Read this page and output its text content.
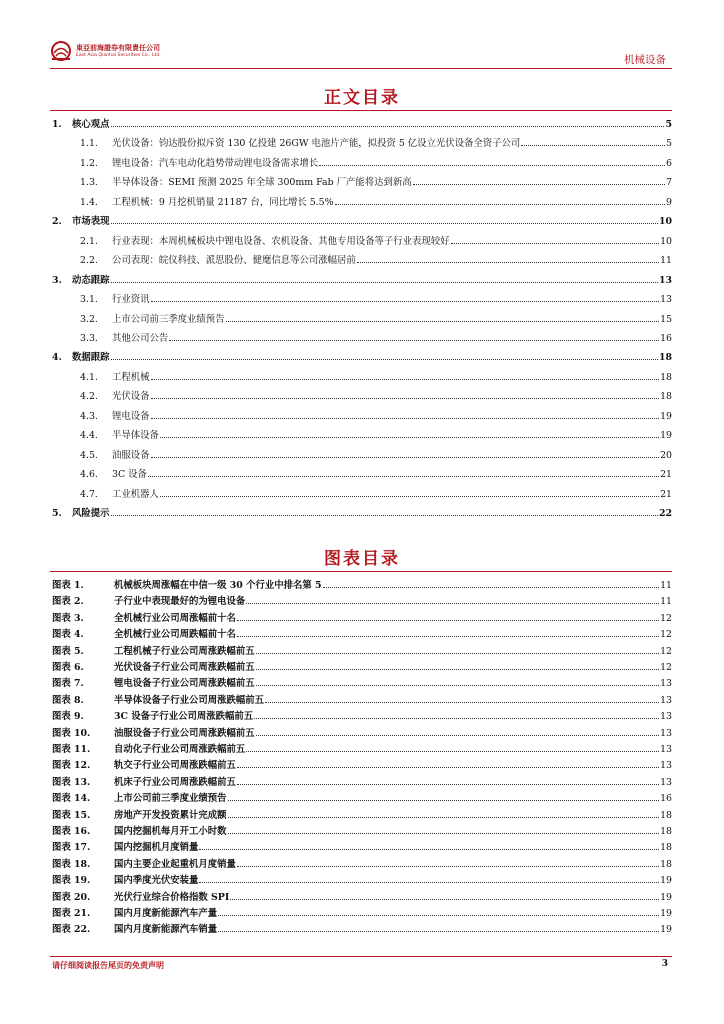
東亞前海證券有限責任公司
East Asia Qianhai Securities Co., Ltd.	机械设备
正文目录
1. 核心观点	5
1.1. 光伏设备：钧达股份拟斥资 130 亿投建 26GW 电池片产能，拟投资 5 亿设立光伏设备全资子公司	5
1.2. 锂电设备：汽车电动化趋势带动锂电设备需求增长	6
1.3. 半导体设备：SEMI 预测 2025 年全球 300mm Fab 厂产能将达到新高	7
1.4. 工程机械：9 月挖机销量 21187 台，同比增长 5.5%	9
2. 市场表现	10
2.1. 行业表现：本周机械板块中锂电设备、农机设备、其他专用设备等子行业表现较好	10
2.2. 公司表现：皖仪科技、派思股份、健麾信息等公司涨幅居前	11
3. 动态跟踪	13
3.1. 行业资讯	13
3.2. 上市公司前三季度业绩预告	15
3.3. 其他公司公告	16
4. 数据跟踪	18
4.1. 工程机械	18
4.2. 光伏设备	18
4.3. 锂电设备	19
4.4. 半导体设备	19
4.5. 油服设备	20
4.6. 3C 设备	21
4.7. 工业机器人	21
5. 风险提示	22
图表目录
图表 1.	机械板块周涨幅在中信一级 30 个行业中排名第 5	11
图表 2.	子行业中表现最好的为锂电设备	11
图表 3.	全机械行业公司周涨幅前十名	12
图表 4.	全机械行业公司周跌幅前十名	12
图表 5.	工程机械子行业公司周涨跌幅前五	12
图表 6.	光伏设备子行业公司周涨跌幅前五	12
图表 7.	锂电设备子行业公司周涨跌幅前五	13
图表 8.	半导体设备子行业公司周涨跌幅前五	13
图表 9.	3C 设备子行业公司周涨跌幅前五	13
图表 10.	油服设备子行业公司周涨跌幅前五	13
图表 11.	自动化子行业公司周涨跌幅前五	13
图表 12.	轨交子行业公司周涨跌幅前五	13
图表 13.	机床子行业公司周涨跌幅前五	13
图表 14.	上市公司前三季度业绩预告	16
图表 15.	房地产开发投资累计完成额	18
图表 16.	国内挖掘机每月开工小时数	18
图表 17.	国内挖掘机月度销量	18
图表 18.	国内主要企业起重机月度销量	18
图表 19.	国内季度光伏安装量	19
图表 20.	光伏行业综合价格指数 SPI	19
图表 21.	国内月度新能源汽车产量	19
图表 22.	国内月度新能源汽车销量	19
请仔细阅读报告尾页的免责声明	3
